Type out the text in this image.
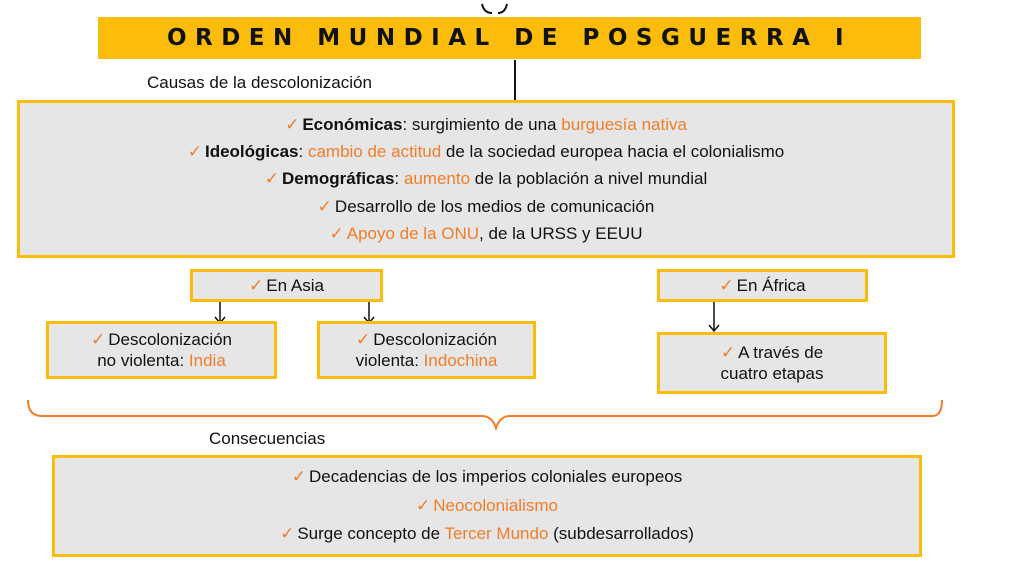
ORDEN MUNDIAL DE POSGUERRA I
Causas de la descolonización
✓ Económicas: surgimiento de una burguesía nativa
✓ Ideológicas: cambio de actitud de la sociedad europea hacia el colonialismo
✓ Demográficas: aumento de la población a nivel mundial
✓ Desarrollo de los medios de comunicación
✓ Apoyo de la ONU, de la URSS y EEUU
✓ En Asia	✓ En África
✓ Descolonización
no violenta: India
✓ Descolonización
violenta: Indochina	✓ A través de
cuatro etapas
Consecuencias
✓ Decadencias de los imperios coloniales europeos
✓ Neocolonialismo
✓ Surge concepto de Tercer Mundo (subdesarrollados)
